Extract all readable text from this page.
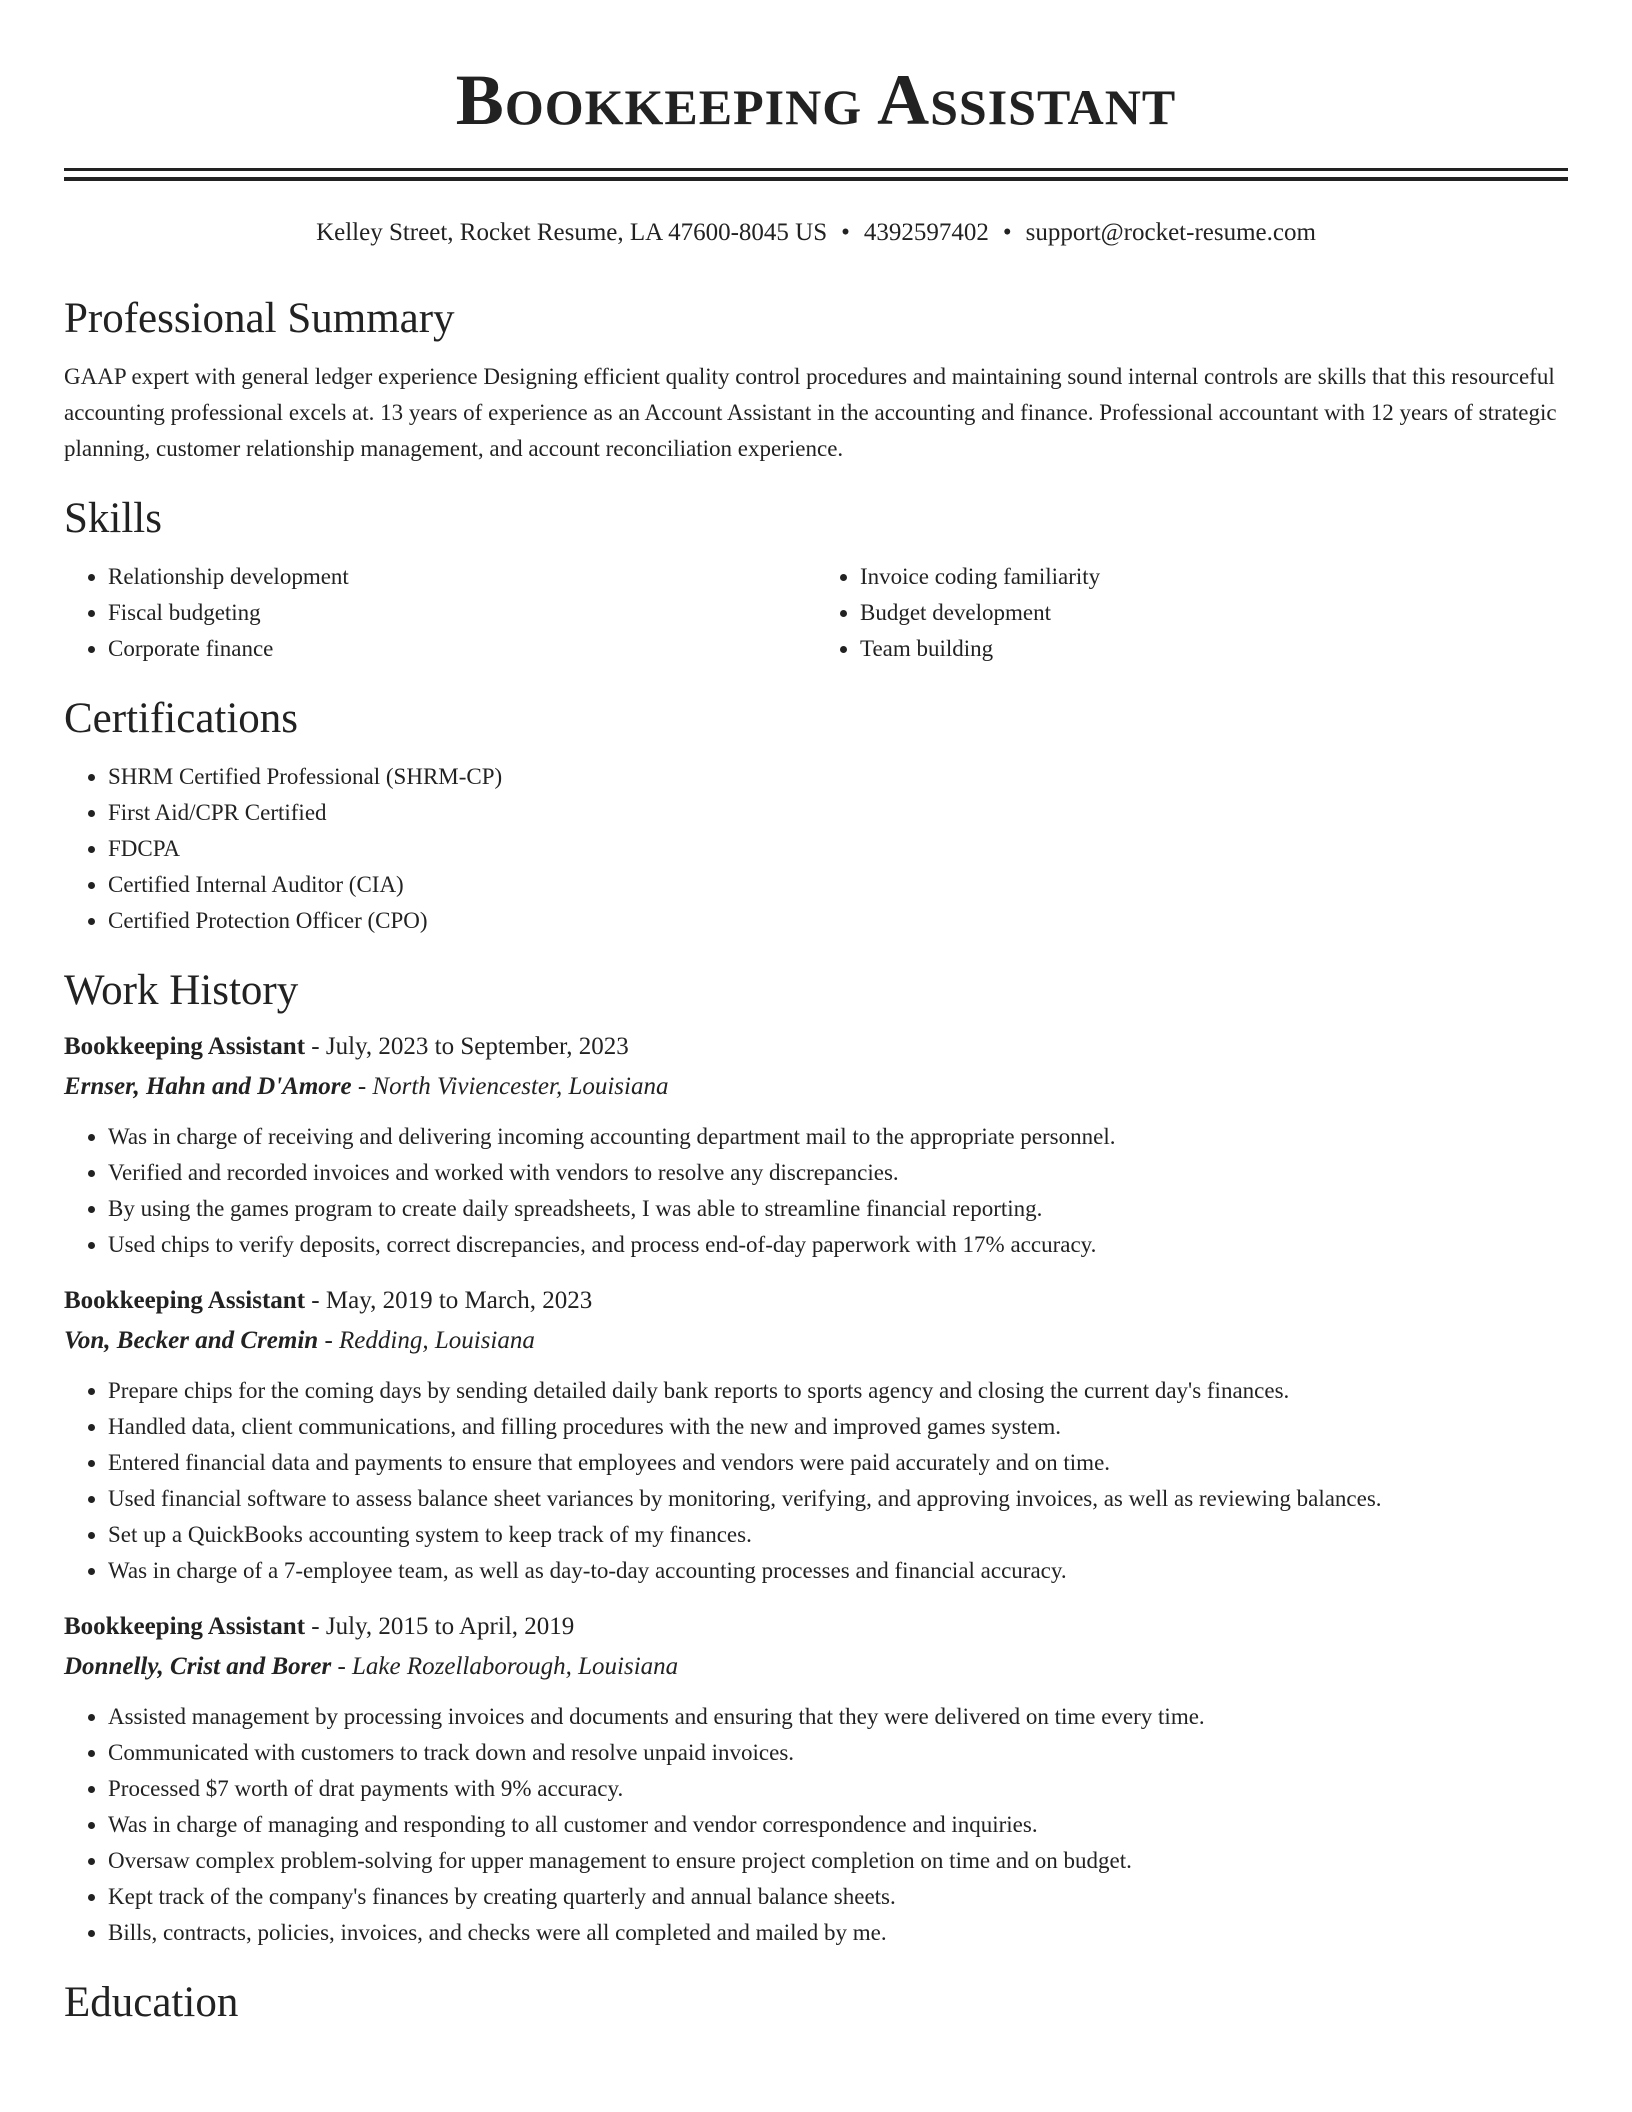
Bookkeeping Assistant
Kelley Street, Rocket Resume, LA 47600-8045 US • 4392597402 • support@rocket-resume.com
Professional Summary
GAAP expert with general ledger experience Designing efficient quality control procedures and maintaining sound internal controls are skills that this resourceful accounting professional excels at. 13 years of experience as an Account Assistant in the accounting and finance. Professional accountant with 12 years of strategic planning, customer relationship management, and account reconciliation experience.
Skills
• Relationship development
• Fiscal budgeting
• Corporate finance
• Invoice coding familiarity
• Budget development
• Team building
Certifications
• SHRM Certified Professional (SHRM-CP)
• First Aid/CPR Certified
• FDCPA
• Certified Internal Auditor (CIA)
• Certified Protection Officer (CPO)
Work History
Bookkeeping Assistant - July, 2023 to September, 2023
Ernser, Hahn and D'Amore - North Viviencester, Louisiana
• Was in charge of receiving and delivering incoming accounting department mail to the appropriate personnel.
• Verified and recorded invoices and worked with vendors to resolve any discrepancies.
• By using the games program to create daily spreadsheets, I was able to streamline financial reporting.
• Used chips to verify deposits, correct discrepancies, and process end-of-day paperwork with 17% accuracy.
Bookkeeping Assistant - May, 2019 to March, 2023
Von, Becker and Cremin - Redding, Louisiana
• Prepare chips for the coming days by sending detailed daily bank reports to sports agency and closing the current day's finances.
• Handled data, client communications, and filling procedures with the new and improved games system.
• Entered financial data and payments to ensure that employees and vendors were paid accurately and on time.
• Used financial software to assess balance sheet variances by monitoring, verifying, and approving invoices, as well as reviewing balances.
• Set up a QuickBooks accounting system to keep track of my finances.
• Was in charge of a 7-employee team, as well as day-to-day accounting processes and financial accuracy.
Bookkeeping Assistant - July, 2015 to April, 2019
Donnelly, Crist and Borer - Lake Rozellaborough, Louisiana
• Assisted management by processing invoices and documents and ensuring that they were delivered on time every time.
• Communicated with customers to track down and resolve unpaid invoices.
• Processed $7 worth of drat payments with 9% accuracy.
• Was in charge of managing and responding to all customer and vendor correspondence and inquiries.
• Oversaw complex problem-solving for upper management to ensure project completion on time and on budget.
• Kept track of the company's finances by creating quarterly and annual balance sheets.
• Bills, contracts, policies, invoices, and checks were all completed and mailed by me.
Education
